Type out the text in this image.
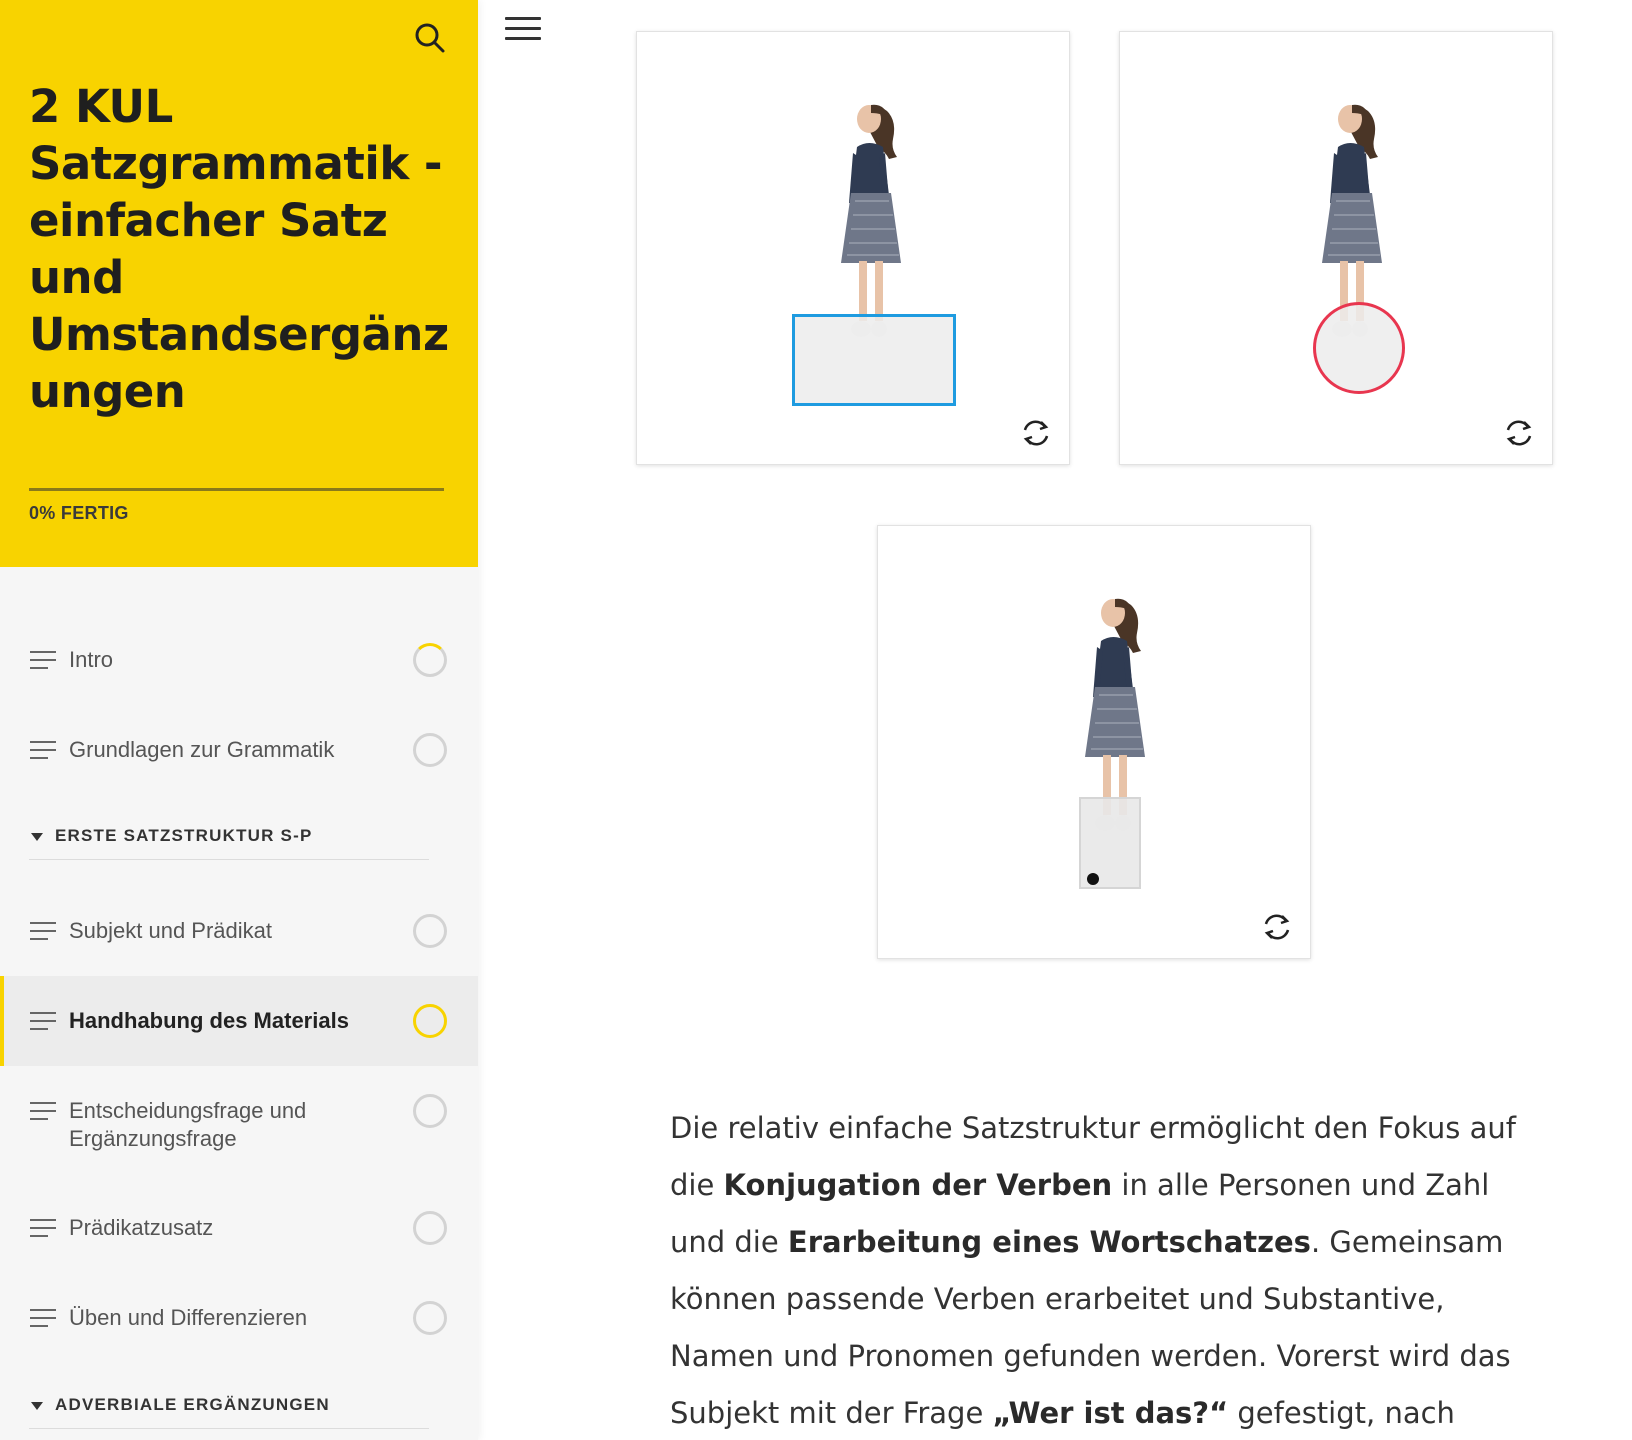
2 KUL Satzgrammatik - einfacher Satz und Umstandsergänzungen
0% FERTIG
Intro
Grundlagen zur Grammatik
ERSTE SATZSTRUKTUR S-P
Subjekt und Prädikat
Handhabung des Materials
Entscheidungsfrage und Ergänzungsfrage
Prädikatzusatz
Üben und Differenzieren
ADVERBIALE ERGÄNZUNGEN

Die relativ einfache Satzstruktur ermöglicht den Fokus auf die Konjugation der Verben in alle Personen und Zahl und die Erarbeitung eines Wortschatzes. Gemeinsam können passende Verben erarbeitet und Substantive, Namen und Pronomen gefunden werden. Vorerst wird das Subjekt mit der Frage „Wer ist das?“ gefestigt, nach
